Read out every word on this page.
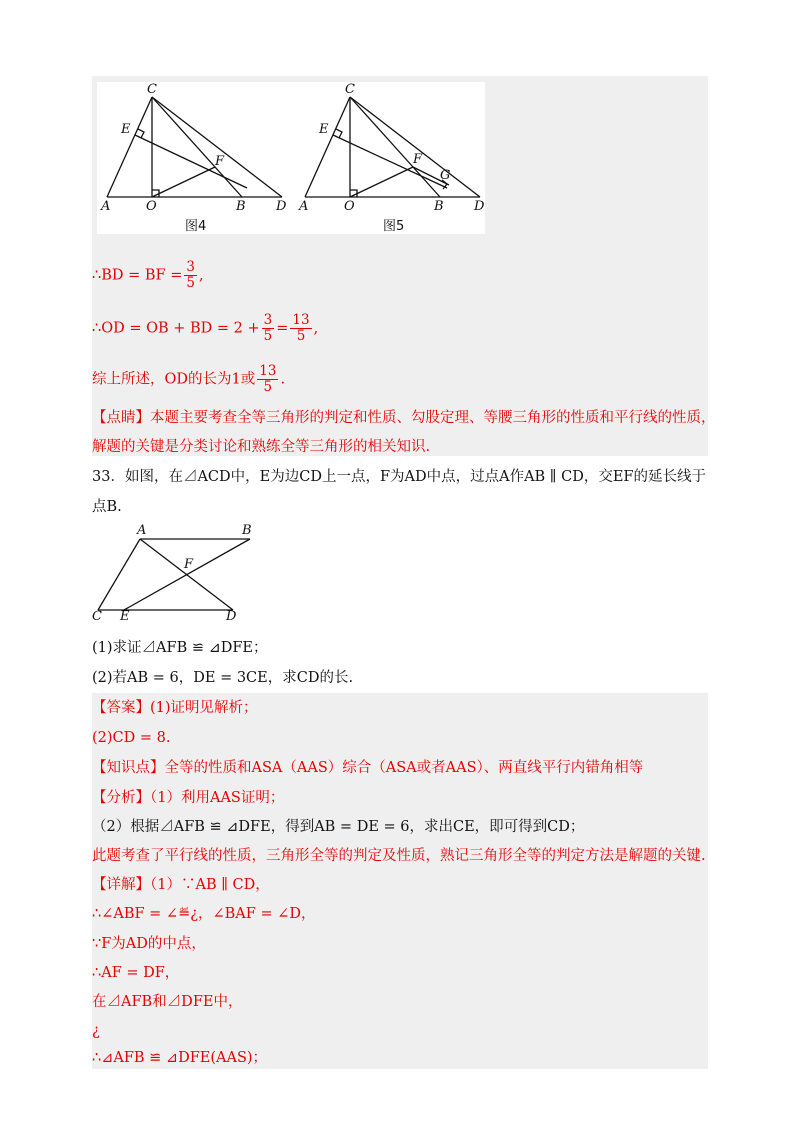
C
E
F
A	O	B D
图4
C
E
F
G
A	O	B D
图5
∴BD = BF = $\frac{3}{5}$ ,
∴OD = OB + BD = $2 + \frac{3}{5} = \frac{13}{5}$ ,
综上所述，OD的长为1或 $\frac{13}{5}$ .
【点睛】本题主要考查全等三角形的判定和性质、勾股定理、等腰三角形的性质和平行线的性质，
解题的关键是分类讨论和熟练全等三角形的相关知识.
33．如图，在⊿ACD中，E为边CD上一点，F为AD中点，过点A作AB ∥ CD，交EF的延长线于
点B.
A	B
F
C E	D
(1)求证⊿AFB ≌ ⊿DFE；
(2)若AB = 6，DE = 3CE，求CD的长.
【答案】(1)证明见解析；
(2)CD = 8.
【知识点】全等的性质和ASA（AAS）综合（ASA或者AAS）、两直线平行内错角相等
【分析】（1）利用AAS证明；
（2）根据⊿AFB ≌ ⊿DFE，得到AB = DE = 6，求出CE，即可得到CD；
此题考查了平行线的性质，三角形全等的判定及性质，熟记三角形全等的判定方法是解题的关键.
【详解】（1）∵AB ∥ CD，
∴∠ABF = ∠≝¿，∠BAF = ∠D，
∵F为AD的中点，
∴AF = DF，
在⊿AFB和⊿DFE中，
¿
∴⊿AFB ≌ ⊿DFE(AAS)；
